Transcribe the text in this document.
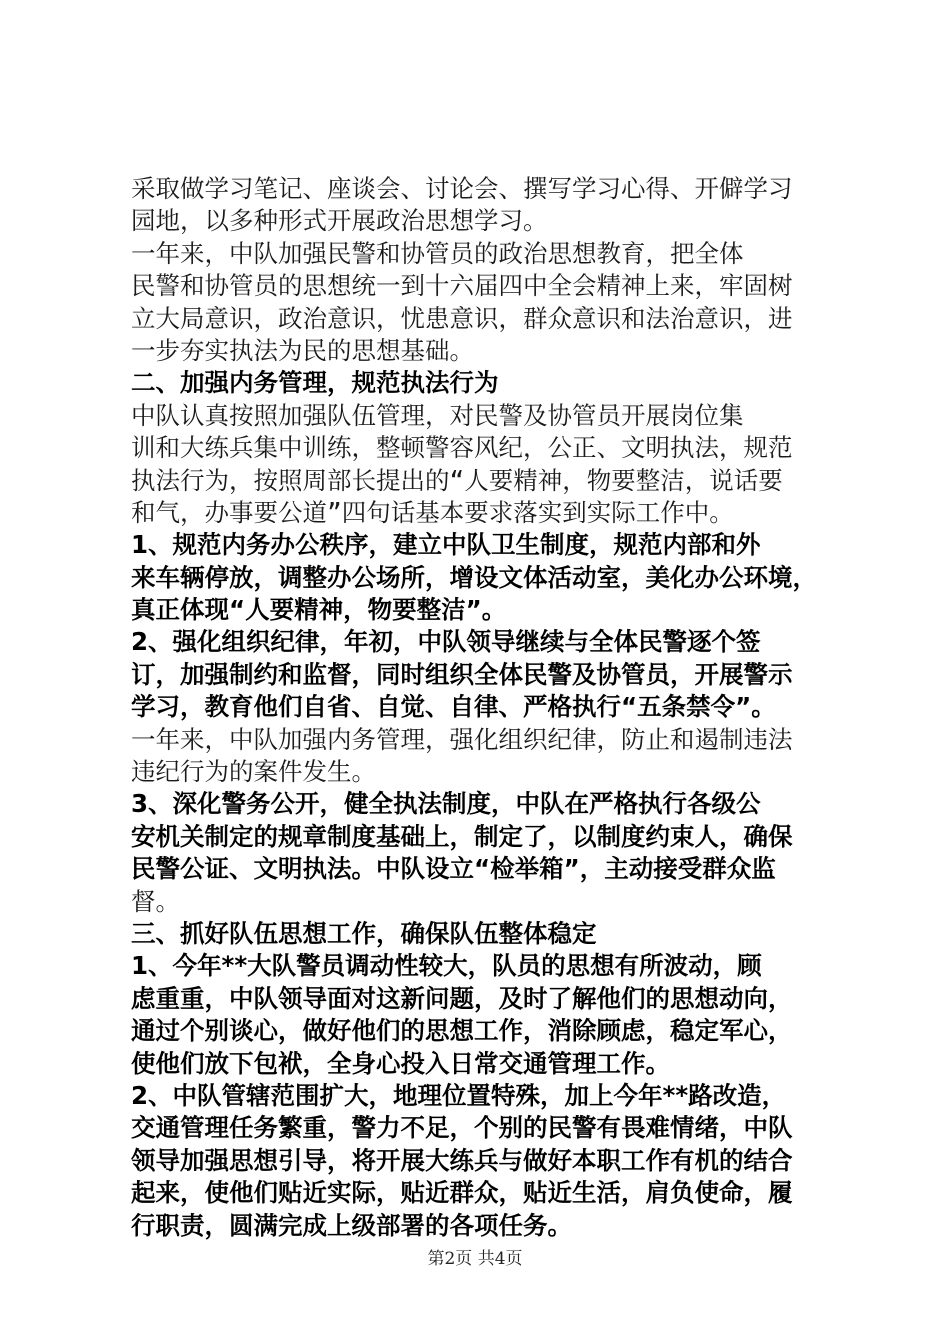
采取做学习笔记、座谈会、讨论会、撰写学习心得、开僻学习
园地，以多种形式开展政治思想学习。
一年来，中队加强民警和协管员的政治思想教育，把全体
民警和协管员的思想统一到十六届四中全会精神上来，牢固树
立大局意识，政治意识，忧患意识，群众意识和法治意识，进
一步夯实执法为民的思想基础。
二、加强内务管理，规范执法行为
中队认真按照加强队伍管理，对民警及协管员开展岗位集
训和大练兵集中训练，整顿警容风纪，公正、文明执法，规范
执法行为，按照周部长提出的“人要精神，物要整洁，说话要
和气，办事要公道”四句话基本要求落实到实际工作中。
1、规范内务办公秩序，建立中队卫生制度，规范内部和外
来车辆停放，调整办公场所，增设文体活动室，美化办公环境，
真正体现“人要精神，物要整洁”。
2、强化组织纪律，年初，中队领导继续与全体民警逐个签
订，加强制约和监督，同时组织全体民警及协管员，开展警示
学习，教育他们自省、自觉、自律、严格执行“五条禁令”。
一年来，中队加强内务管理，强化组织纪律，防止和遏制违法
违纪行为的案件发生。
3、深化警务公开，健全执法制度，中队在严格执行各级公
安机关制定的规章制度基础上，制定了，以制度约束人，确保
民警公证、文明执法。中队设立“检举箱”，主动接受群众监
督。
三、抓好队伍思想工作，确保队伍整体稳定
1、今年**大队警员调动性较大，队员的思想有所波动，顾
虑重重，中队领导面对这新问题，及时了解他们的思想动向，
通过个别谈心，做好他们的思想工作，消除顾虑，稳定军心，
使他们放下包袱，全身心投入日常交通管理工作。
2、中队管辖范围扩大，地理位置特殊，加上今年**路改造，
交通管理任务繁重，警力不足，个别的民警有畏难情绪，中队
领导加强思想引导，将开展大练兵与做好本职工作有机的结合
起来，使他们贴近实际，贴近群众，贴近生活，肩负使命，履
行职责，圆满完成上级部署的各项任务。
第2页 共4页
